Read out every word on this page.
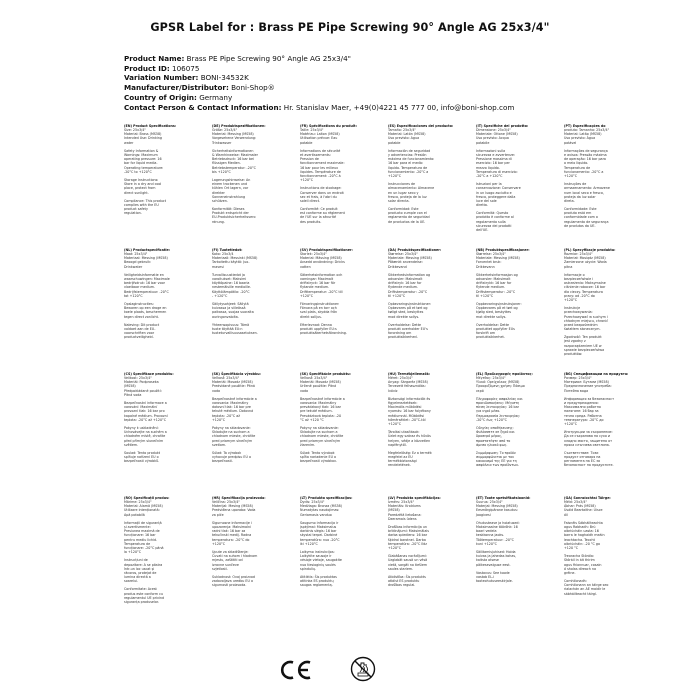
GPSR Label for : Brass PE Pipe Screwing 90° Angle AG 25x3/4"
Product Name: Brass PE Pipe Screwing 90° Angle AG 25x3/4"
Product ID: 106075
Variation Number: BONI-34532K
Manufacturer/Distributor: Boni-Shop®
Country of Origin: Germany
Contact Person & Contact Information: Hr. Stanislav Maer, +49(0)4221 45 777 00, info@boni-shop.com
(EN) Product Specifications:
Size: 25x3/4"
Material: Brass (MS58)
Intended Use: Drinking
water

Safety Information &
Warnings: Maximum
operating pressure: 16
bar for liquid media.
Operating temperature:
-20°C to +120°C

Storage Instructions:
Store in a dry and cool
place, protect from
direct sunlight.

Compliance: This product
complies with the EU
product safety
regulation.
(DE) Produktspezifikationen:
Größe: 25x3/4"
Material: Messing (MS58)
Vorgesehene Verwendung:
Trinkwasser

Sicherheitsinformationen
& Warnhinweise: Maximaler
Betriebsdruck: 16 bar bei
flüssigen Medien.
Betriebstemperatur: -20°C
bis +120°C

Lagerungshinweise: An
einem trockenen und
kühlen Ort lagern, vor
direkter
Sonneneinstrahlung
schützen.

Konformität: Dieses
Produkt entspricht der
EU-Produktsicherheitsvero
rdnung.
(FR) Spécifications du produit:
Taille: 25x3/4"
Matériau: Laiton (MS58)
Utilisation prévue: Eau
potable

Informations de sécurité
et avertissements:
Pression de
fonctionnement maximale:
16 bar pour les milieux
liquides. Température de
fonctionnement: -20°C à
+120°C

Instructions de stockage:
Conserver dans un endroit
sec et frais, à l'abri du
soleil direct.

Conformité: Ce produit
est conforme au règlement
de l'UE sur la sécurité
des produits.
(ES) Especificaciones del producto:
Tamaño: 25x3/4"
Material: Latón (MS58)
Uso previsto: Agua
potable

Información de seguridad
y advertencias: Presión
máxima de funcionamiento:
16 bar para el medio
líquido. Temperatura de
funcionamiento: -20°C a
+120°C

Instrucciones de
almacenamiento: Almacene
en un lugar seco y
fresco, proteja de la luz
solar directa.

Conformidad: Este
producto cumple con el
reglamento de seguridad
de productos de la UE.
(IT) Specifiche del prodotto:
Dimensione: 25x3/4"
Materiale: Ottone (MS58)
Uso previsto: Acqua
potabile

Informazioni sulla
sicurezza e avvertenze:
Pressione massima di
esercizio: 16 bar per
mezzo liquido.
Temperatura di esercizio:
-20°C a +120°C

Istruzioni per la
conservazione: Conservare
in un luogo asciutto e
fresco, proteggere dalla
luce del sole
diretta.

Conformità: Questo
prodotto è conforme al
regolamento sulla
sicurezza dei prodotti
dell'UE.
(PT) Especificações do
produto: Tamanho: 25x3/4"
Material: Latão (MS58)
Uso previsto: Água
potável

Informações de segurança
e avisos: Pressão máxima
de operação: 16 bar para
o meio líquido.
Temperatura de
funcionamento: -20°C a
+120°C

Instruções de
armazenamento: Armazene
num local seco e fresco,
proteja da luz solar
direta.

Conformidade: Este
produto está em
conformidade com o
regulamento de segurança
de produtos da UE.
(NL) Productspecificatie:
Maat: 25x3/4"
Materiaal: Messing (MS58)
Beoogd gebruik:
Drinkwater

Veiligheidsinformatie en
waarschuwingen: Maximale
bedrijfsdruk: 16 bar voor
vloeibaar medium.
Bedrijfstemperatuur: -20°C
tot +120°C

Opslaginstructies:
Bewaren op een droge en
koele plaats, beschermen
tegen direct zonlicht.

Naleving: Dit product
voldoet aan de EU-
voorschriften voor
productveiligheid.
(FI) Tuotetiedot:
Koko: 25x3/4
Materiaali: Messinki (MS58)
Tarkoitettu käyttö: Juo-
mavesi

Turvallisuustiedot ja
varoitukset: Maksimi
käyttöpaine: 16 baaria
nestemäisille medioille.
Käyttölämpötila: -20°C
- +120°C

Säilytysohjeet: Säilytä
kuivassa ja viileässä
paikassa, suojaa suoralta
auringonvalolta.

Yhteensopivuus: Tämä
tuote täyttää EU:n
tuoteturvallisuusasetuksen.
(SV) Produktspecifikationer:
Storlek: 25x3/4"
Material: Mässing (MS58)
Avsedd användning: Dricks
vatten

Säkerhetsinformation och
varningar: Maximalt
driftstryck: 16 bar för
flytande medium.
Drifttemperatur: -20°C till
+120°C

Förvaringsinstruktioner:
Förvara på en torr och
sval plats, skydda från
direkt solljus.

Efterlevnad: Denna
produkt uppfyller EU:s
produktsäkerhetsförordning.
(DA) Produktspecifikationer:
Størrelse: 25x3/4"
Materiale: Messing (MS58)
Påtænkt anvendelse:
Drikkevand

Sikkerhedsinformation og
advarsler: Maksimalt
driftstryk: 16 bar for
flydende medium.
Driftstemperatur: -20°C
til +120°C

Opbevaringsinstruktioner:
Opbevares på et tørt og
køligt sted, beskyttes
mod direkte sollys.

Overholdelse: Dette
produkt overholder EU's
forordning om
produktsikkerhed.
(NB) Produktspesifikasjoner:
Størrelse: 25x3/4"
Materiale: Messing (MS58)
Forventet bruk:
Drikkevann

Sikkerhetsinformasjon og
advarsler: Maksimalt
driftstrykk: 16 bar for
flytende medium.
Driftstemperatur: -20°C
til +120°C

Oppbevaringsinstruksjoner:
Oppbevares på et tørt og
kjølig sted, beskyttes
mot direkte sollys.

Overholdelse: Dette
produktet oppfyller EUs
forskrift om
produktsikkerhet.
(PL) Specyfikacje produktu:
Rozmiar: 25x3/4"
Materiał: Mosiądz (MS58)
Zamierzone użycie: Woda
pitna

Informacje o
bezpieczeństwie i
ostrzeżenia: Maksymalne
ciśnienie robocze: 16 bar
dla cieczy. Temperatura
pracy: od -20°C do
+120°C

Instrukcje
przechowywania:
Przechowywać w suchym i
chłodnym miejscu, chronić
przed bezpośrednim
światłem słonecznym.

Zgodność: Ten produkt
jest zgodny z
rozporządzeniem UE w
sprawie bezpieczeństwa
produktów.
(CS) Specifikace produktu:
Velikost: 25x3/4"
Materiál: Podpraseka
(MS58)
Předpokládané použití:
Pitná voda

Bezpečnostní informace a
varování: Maximální
provozní tlak: 16 bar pro
kapalné médium. Provozní
teplota: -20°C až +120°C

Pokyny k uskladnění:
Uchovávejte na suchém a
chladném místě, chraňte
před přímým slunečním
světlem.

Soulad: Tento produkt
splňuje nařízení EU o
bezpečnosti výrobků.
(SK) Špecifikácia výrobku:
Veľkosť: 25x3/4"
Materiál: Mosadz (MS58)
Predvídané použitie: Pitná
voda

Bezpečnostné informácie a
varovania: Maximálny
dotovní tlak: 16 bar pre
tekuté médium. Dotovná
teplota: -20°C až
+120°C

Pokyny na skladovanie:
Skladujte na suchom a
chladnom mieste, chráňte
pred priamym slnečným
svetlom.

Súlad: Ta výrobok
vyhovuje predpisu EÚ o
bezpečnosti.
(SK) Specifikácie produktu:
Veľkosť: 25x3/4"
Materiál: Mosadz (MS58)
Určené použitie: Pitná
voda

Bezpečnostné informácie a
varovania: Maximálny
prevádzkový tlak: 16 bar
pre tekuté médium.
Prevádzková teplota: -20
°C až +120 °C

Pokyny na skladovanie:
Skladujte na suchom a
chladnom mieste, chráňte
pred priamym slnečným
žiarením.

Súlad: Tento výrobok
spĺňa nariadenie EÚ o
bezpečnosti výrobkov.
(HU) Termékjellemzők:
Méret: 25x3/4"
Anyag: Sárgaréz (MS58)
Tervezett felhasználás:
Ivóvíz

Biztonsági információk és
figyelmeztetések:
Maximális működési
nyomás: 16 bar folyékony
médiumnál. Működési
hőmérséklet: -20°C-tól
+120°C

Tárolási utasítások:
Üzlet egy száraz és hűvös
helyen, védje a közvetlen
napfénytől.

Megfelelőség: Ez a termék
megfelel az EU
termékbiztonsági
rendeletének.
(EL) Προδιαγραφές προϊόντος:
Μέγεθος: 25x3/4"
Υλικό: Ορείχαλκος (MS58)
Προοριζόμενη χρήση: Πόσιμο
νερό

Πληροφορίες ασφαλείας και
προειδοποιήσεις: Μέγιστη
πίεση λειτουργίας: 16 bar
για υγρό μέσο.
Θερμοκρασία λειτουργίας:
-20°C έως +120°C

Οδηγίες αποθήκευσης:
Φυλάσσετε σε ξηρό και
δροσερό μέρος,
προστατέψτε από το
άμεσο ηλιακό φως.

Συμμόρφωση: Το προϊόν
συμμορφώνεται με τον
κανονισμό της ΕΕ για τη
ασφάλεια των προϊόντων.
(BG) Спецификации на продукта:
Размер: 25x3/4"
Материал: Бутами (MS58)
Предназначение употреба:
Питейна вода

Информация за безопасност
и предупреждения:
Максимално работно
налягане: 16 бар за
течна среда. Работна
температура: -20°C до
+120°C

Инструкции за съхранение:
Да се съхранява на сухо и
хладно място, защитено от
пряка слънчева светлина.

Съответствие: Този
продукт отговаря на
регламента на ЕС за
безопасност на продуктите.
(RO) Specificații produs:
Mărime: 25x3/4"
Material: Alamă (MS58)
Utilizare intenționată:
Apă potabilă

Informații de siguranță
și avertismente:
Presiunea maximă de
funcționare: 16 bar
pentru mediu lichid.
Temperatura de
funcționare: -20°C până
la +120°C

Instrucțiuni de
depozitare: A se păstra
într-un loc uscat și
răcoros, protejat de
lumina directă a
soarelui.

Conformitate: Acest
produs este conform cu
regulamentul UE privind
siguranța produselor.
(HR) Specifikacija proizvoda:
Veličina: 25x3/4"
Materijal: Mesing (MS58)
Predviđena uporaba: Voda
za piće

Sigurnosne informacije i
upozorenja: Maksimalni
radni tlak: 16 bar za
tekućinski medij. Radna
temperatura: -20°C do
+120°C

Upute za skladištenje:
Čuvati na suhom i hladnom
mjestu, zaštititi od
izravne sunčeve
svjetlosti.

Sukladnost: Ovaj proizvod
zadovoljava uredbu EU o
sigurnosti proizvoda.
(LT) Produkto specifikacijos:
Dydis: 25x3/4"
Medžiaga: Bronza (MS58)
Numatytas naudojimas:
Geriamasis vanduo

Saugumo informacija ir
įspėjimai: Maksimalus
darbinis slėgis: 16 bar
skystai terpei. Darbinė
temperatūra: nuo -20°C
iki +120°C

Laikymo instrukcijos:
Laikykite sausoje ir
vėsioje vietoje, saugokite
nuo tiesioginių saulės
spindulių.

Atitiktis: Šis produktas
atitinka ES produktų
saugos reglamentą.
(LV) Produkta specifikācijas:
Izmērs: 25x3/4"
Materiāls: Kroldums
(MS58)
Paredzētā lietošana:
Dzeramais ūdens

Drošības informācija un
brīdinājumi: Maksimālais
darba spiediens: 16 bar
šķidrai barotnei. Darba
temperatūra: -20°C līdz
+120°C

Glabāšanas norādījumi:
Uzglabāt sausā un vēsā
vietā, sargāt no tiešiem
saules stariem.

Atbilstība: Šis produkts
atbilst ES produktu
drošības regulai.
(ET) Toote spetsifikatsioonid:
Suurus: 25x3/4"
Materjal: Messing (MS58)
Eesmärgipärane kasutus:
Joogivesi

Ohutusteave ja hoiatused:
Maksimaalne töörõhk: 16
baari vedela
keskkonna jaoks.
Töötemperatuur: -20°C
kuni +120°C

Säilitamisjuhised: Hoida
kuivas ja jahedas kohas,
kaitsta otsese
päikesevalguse eest.

Vastavus: See toode
vastab EL-i
tooteohutuseeskirjale.
(GA) Sonraíochtaí Táirge:
Méid: 25x3/4"
Ábhar: Prás (MS58)
Úsáid Beartaithe: Uisce
óil

Faisnéis Sábháilteachta
agus Rabhadh: Brú
oibriúcháin uasta: 16
barra le haghaidh meáin
leachtacha. Teocht
oibriúcháin: -20 °C go
+120 °C

Treoracha Stórála:
Stóráil in áit thirim
agus fhionnuar, cosain
ó sholas díreach na
gréine.

Comhlíonadh:
Comhlíonann an táirge seo
rialachán an AE maidir le
sábháilteacht táirgí.
